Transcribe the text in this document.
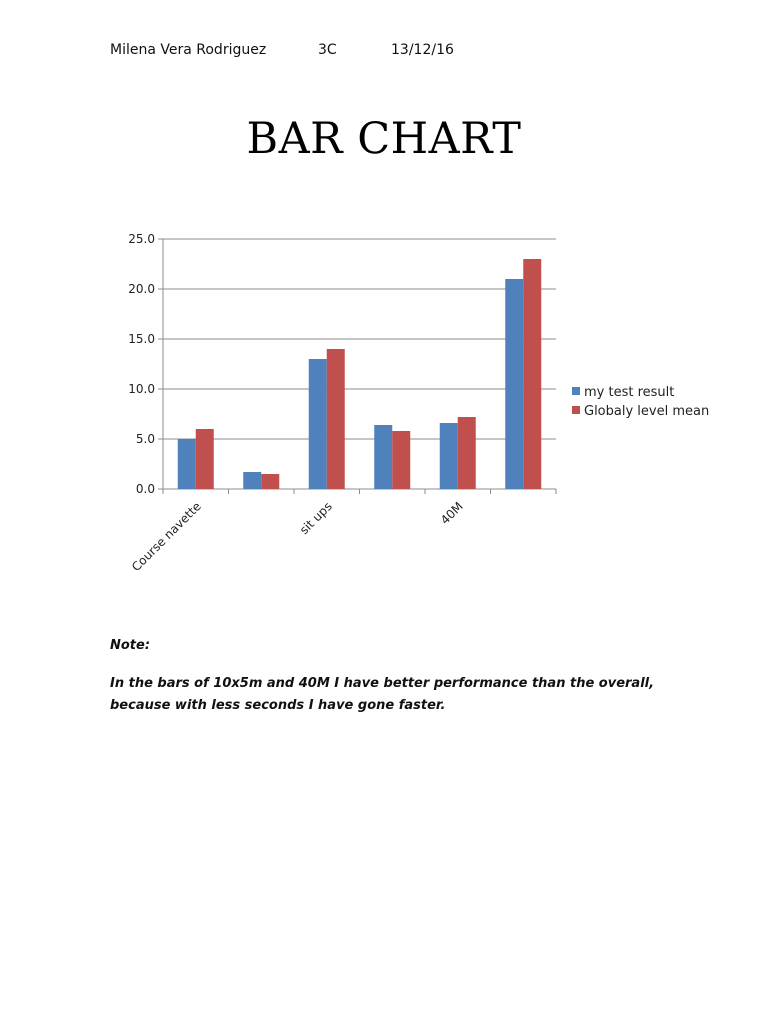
Milena Vera Rodriguez	3C	13/12/16
BAR CHART
0.0
5.0
10.0
15.0
20.0
25.0
Course navette	sit ups	40M
my test result
Globaly level mean

Note:

In the bars of 10x5m and 40M I have better performance than the overall,
because with less seconds I have gone faster.
